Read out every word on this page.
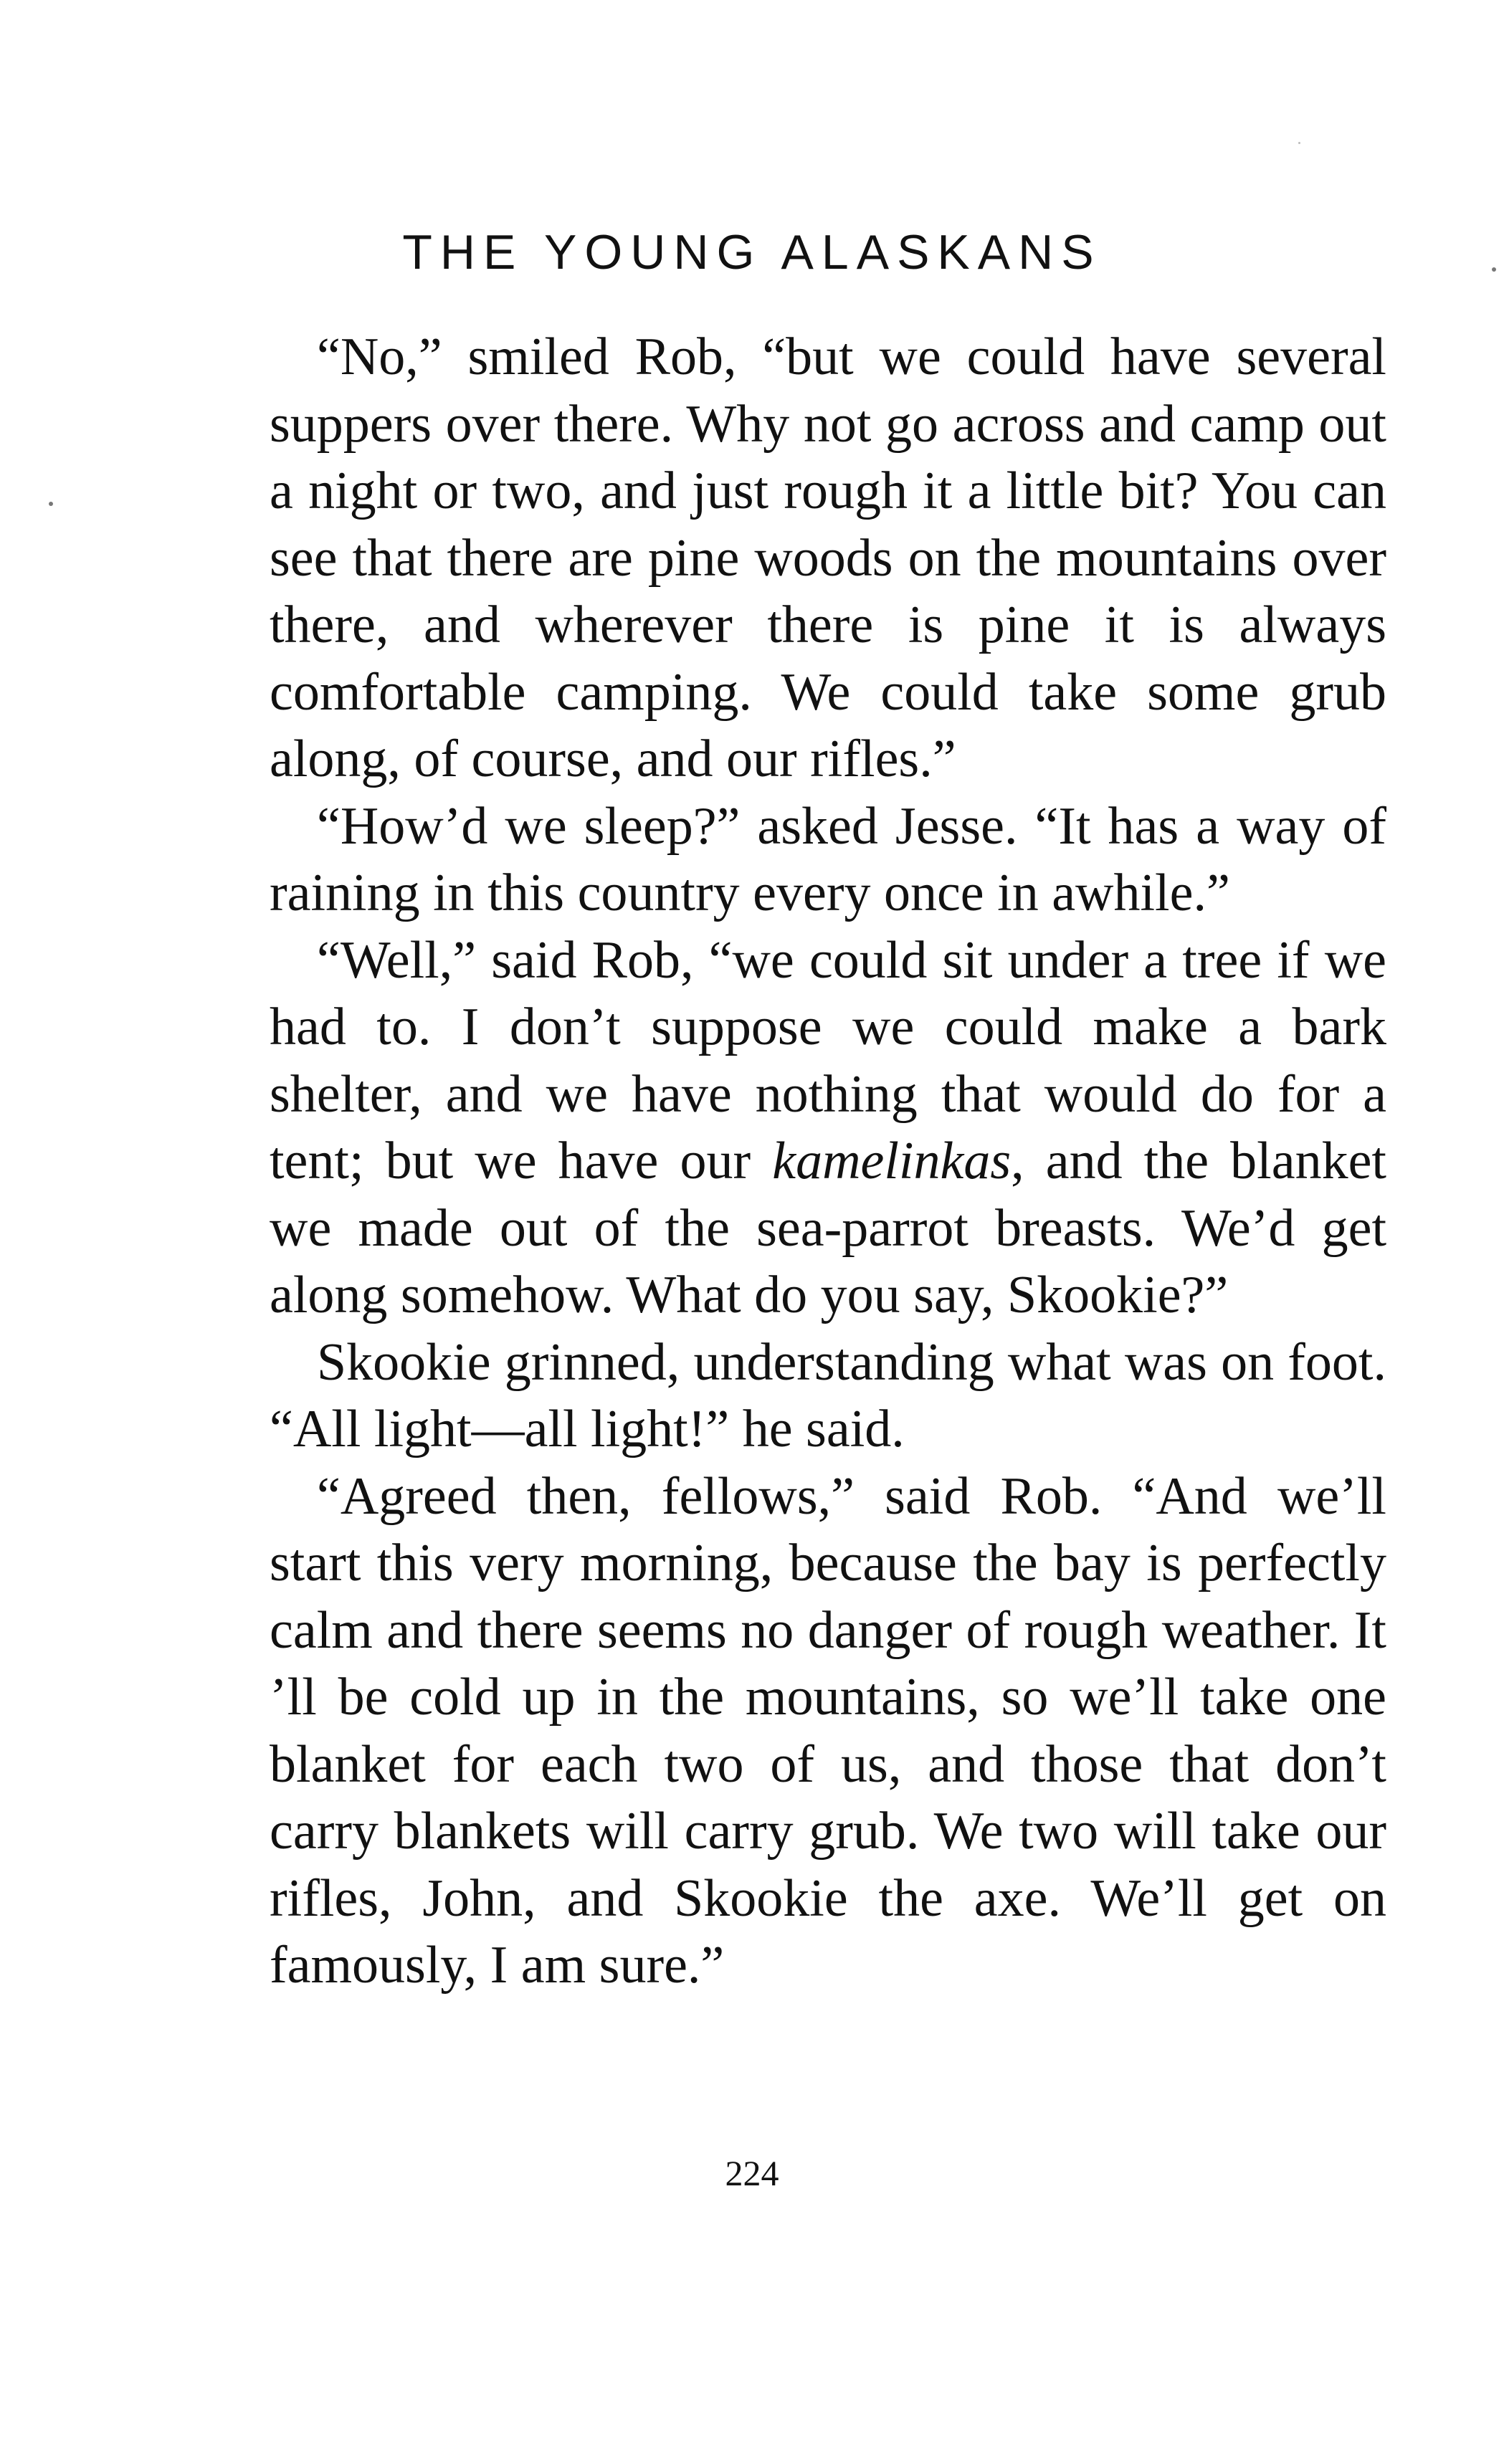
THE YOUNG ALASKANS

“No,” smiled Rob, “but we could have several suppers over there. Why not go across and camp out a night or two, and just rough it a little bit? You can see that there are pine woods on the mountains over there, and wherever there is pine it is always comfortable camping. We could take some grub along, of course, and our rifles.”

“How’d we sleep?” asked Jesse. “It has a way of raining in this country every once in awhile.”

“Well,” said Rob, “we could sit under a tree if we had to. I don’t suppose we could make a bark shelter, and we have nothing that would do for a tent; but we have our kamelinkas, and the blanket we made out of the sea-parrot breasts. We’d get along somehow. What do you say, Skookie?”

Skookie grinned, understanding what was on foot. “All light—all light!” he said.

“Agreed then, fellows,” said Rob. “And we’ll start this very morning, because the bay is perfectly calm and there seems no danger of rough weather. It ’ll be cold up in the mountains, so we’ll take one blanket for each two of us, and those that don’t carry blankets will carry grub. We two will take our rifles, John, and Skookie the axe. We’ll get on famously, I am sure.”

224
